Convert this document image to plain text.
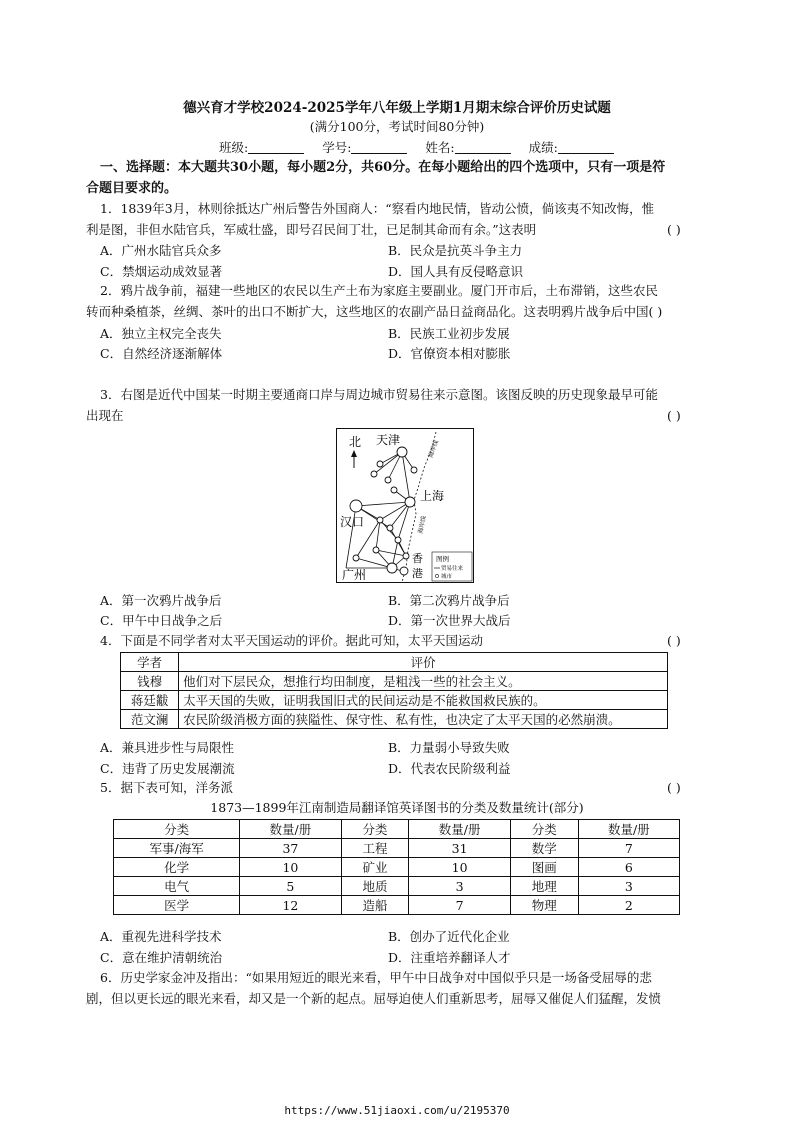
德兴育才学校2024-2025学年八年级上学期1月期末综合评价历史试题
(满分100分，考试时间80分钟)
班级:	学号:	姓名:	成绩:
一、选择题：本大题共30小题，每小题2分，共60分。在每小题给出的四个选项中，只有一项是符
合题目要求的。
1．1839年3月，林则徐抵达广州后警告外国商人：“察看内地民情，皆动公愤，倘该夷不知改悔，惟
利是图，非但水陆官兵，军威壮盛，即号召民间丁壮，已足制其命而有余。”这表明	( )
A．广州水陆官兵众多	B．民众是抗英斗争主力
C．禁烟运动成效显著	D．国人具有反侵略意识
2．鸦片战争前，福建一些地区的农民以生产土布为家庭主要副业。厦门开市后，土布滞销，这些农民
转而种桑植茶，丝绸、茶叶的出口不断扩大，这些地区的农副产品日益商品化。这表明鸦片战争后中国( )
A．独立主权完全丧失	B．民族工业初步发展
C．自然经济逐渐解体	D．官僚资本相对膨胀
3．右图是近代中国某一时期主要通商口岸与周边城市贸易往来示意图。该图反映的历史现象最早可能
出现在	( )
北 天津
上海
汉口
广州
香
港
海岸线
海岸线
图例
贸易往来
城市
A．第一次鸦片战争后	B．第二次鸦片战争后
C．甲午中日战争之后	D．第一次世界大战后
4．下面是不同学者对太平天国运动的评价。据此可知，太平天国运动	( )
学者	评价
钱穆	他们对下层民众，想推行均田制度，是粗浅一些的社会主义。
蒋廷黻	太平天国的失败，证明我国旧式的民间运动是不能救国救民族的。
范文澜	农民阶级消极方面的狭隘性、保守性、私有性，也决定了太平天国的必然崩溃。
A．兼具进步性与局限性	B．力量弱小导致失败
C．违背了历史发展潮流	D．代表农民阶级利益
5．据下表可知，洋务派	( )
1873—1899年江南制造局翻译馆英译图书的分类及数量统计(部分)
分类	数量/册	分类	数量/册	分类	数量/册
军事/海军	37	工程	31	数学	7
化学	10	矿业	10	图画	6
电气	5	地质	3	地理	3
医学	12	造船	7	物理	2
A．重视先进科学技术	B．创办了近代化企业
C．意在维护清朝统治	D．注重培养翻译人才
6．历史学家金冲及指出：“如果用短近的眼光来看，甲午中日战争对中国似乎只是一场备受屈辱的悲
剧，但以更长远的眼光来看，却又是一个新的起点。屈辱迫使人们重新思考，屈辱又催促人们猛醒，发愤
https://www.51jiaoxi.com/u/2195370
